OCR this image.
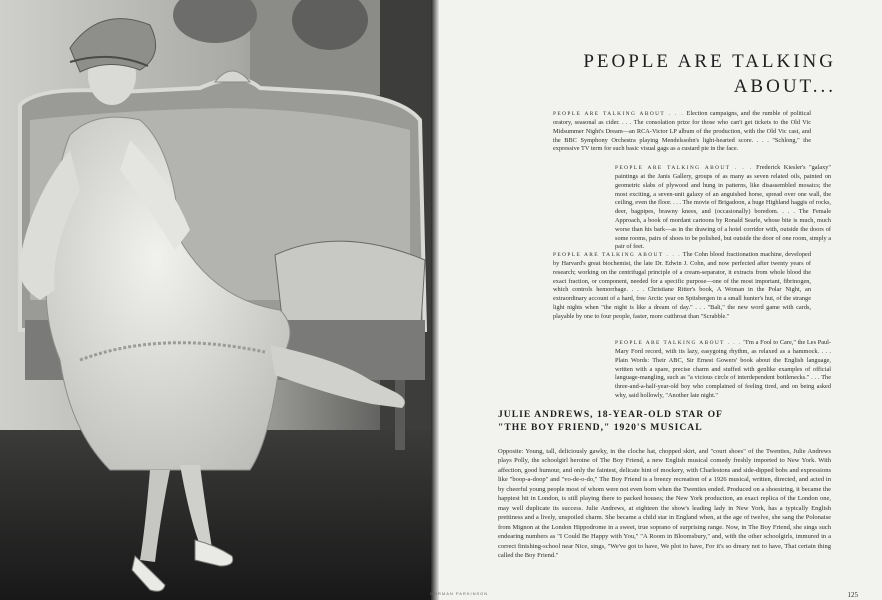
PEOPLE ARE TALKING
ABOUT...

PEOPLE ARE TALKING ABOUT . . . Election campaigns, and the rumble of political oratory, seasonal as cider. . . . The consolation prize for those who can't get tickets to the Old Vic Midsummer Night's Dream—an RCA-Victor LP album of the production, with the Old Vic cast, and the BBC Symphony Orchestra playing Mendelssohn's light-hearted score. . . . "Schlong," the expressive TV term for such basic visual gags as a custard pie in the face.

PEOPLE ARE TALKING ABOUT . . . Frederick Kiesler's "galaxy" paintings at the Janis Gallery, groups of as many as seven related oils, painted on geometric slabs of plywood and hung in patterns, like disassembled mosaics; the most exciting, a seven-unit galaxy of an anguished horse, spread over one wall, the ceiling, even the floor. . . . The movie of Brigadoon, a huge Highland haggis of rocks, deer, bagpipes, brawny knees, and (occasionally) boredom. . . . The Female Approach, a book of mordant cartoons by Ronald Searle, whose bite is much, much worse than his bark—as in the drawing of a hotel corridor with, outside the doors of some rooms, pairs of shoes to be polished, but outside the door of one room, simply a pair of feet.

PEOPLE ARE TALKING ABOUT . . . The Cohn blood fractionation machine, developed by Harvard's great biochemist, the late Dr. Edwin J. Cohn, and now perfected after twenty years of research; working on the centrifugal principle of a cream-separator, it extracts from whole blood the exact fraction, or component, needed for a specific purpose—one of the most important, fibrinogen, which controls hemorrhage. . . . Christiane Ritter's book, A Woman in the Polar Night, an extraordinary account of a hard, free Arctic year on Spitsbergen in a small hunter's hut, of the strange light nights when "the night is like a dream of day." . . . "Bali," the new word game with cards, playable by one to four people, faster, more cutthroat than "Scrabble."

PEOPLE ARE TALKING ABOUT . . . "I'm a Fool to Care," the Les Paul-Mary Ford record, with its lazy, easygoing rhythm, as relaxed as a hammock. . . . Plain Words: Their ABC, Sir Ernest Gowers' book about the English language, written with a spare, precise charm and stuffed with genlike examples of official language-mangling, such as "a vicious circle of interdependent bottlenecks." . . . The three-and-a-half-year-old boy who complained of feeling tired, and on being asked why, said hollowly, "Another late night."

JULIE ANDREWS, 18-YEAR-OLD STAR OF
"THE BOY FRIEND," 1920'S MUSICAL

Opposite: Young, tall, deliciously gawky, in the cloche hat, chopped skirt, and "court shoes" of the Twenties, Julie Andrews plays Polly, the schoolgirl heroine of The Boy Friend, a new English musical comedy freshly imported to New York. With affection, good humour, and only the faintest, delicate hint of mockery, with Charlestons and side-dipped bobs and expressions like "boop-a-doop" and "vo-de-o-do," The Boy Friend is a breezy recreation of a 1926 musical, written, directed, and acted in by cheerful young people most of whom were not even born when the Twenties ended. Produced on a shoestring, it became the happiest hit in London, is still playing there to packed houses; the New York production, an exact replica of the London one, may well duplicate its success. Julie Andrews, at eighteen the show's leading lady in New York, has a typically English prettiness and a lively, unspoiled charm. She became a child star in England when, at the age of twelve, she sang the Polonaise from Mignon at the London Hippodrome in a sweet, true soprano of surprising range. Now, in The Boy Friend, she sings such endearing numbers as "I Could Be Happy with You," "A Room in Bloomsbury," and, with the other schoolgirls, immured in a correct finishing-school near Nice, sings, "We've got to have, We plot to have, For it's so dreary not to have, That certain thing called the Boy Friend."

NORMAN PARKINSON	125
